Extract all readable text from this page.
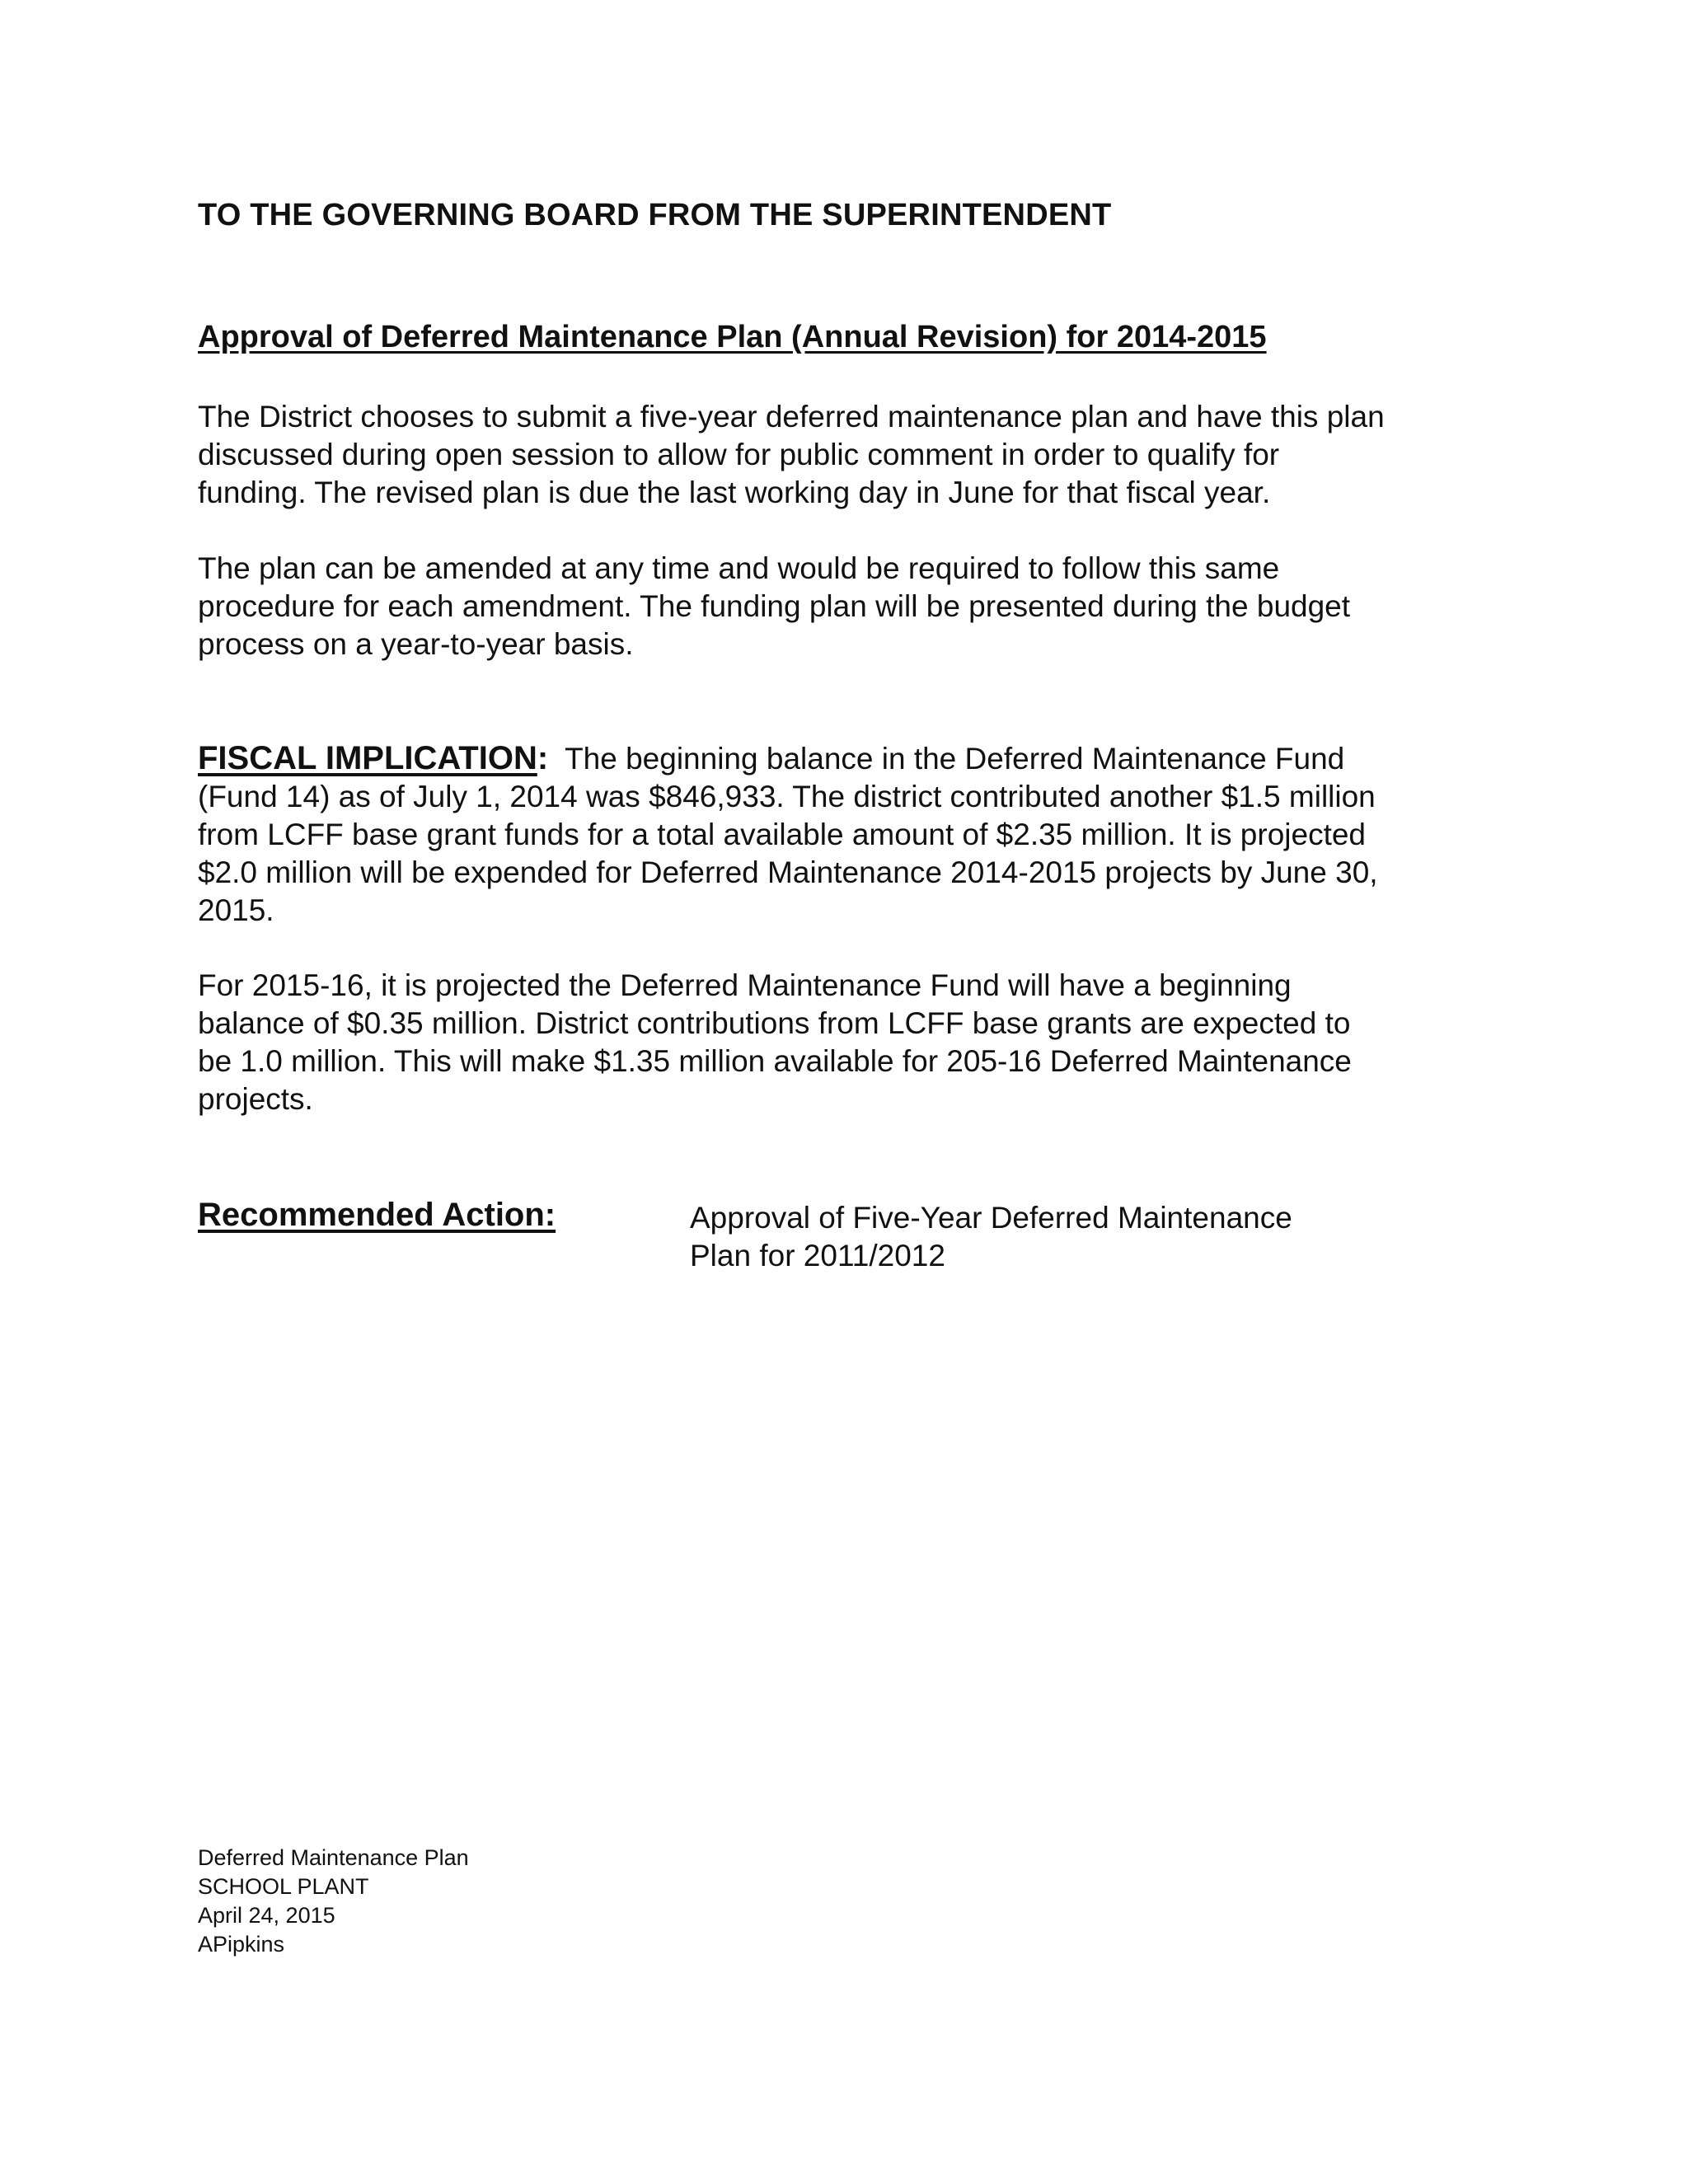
TO THE GOVERNING BOARD FROM THE SUPERINTENDENT
Approval of Deferred Maintenance Plan (Annual Revision) for 2014-2015
The District chooses to submit a five-year deferred maintenance plan and have this plan
discussed during open session to allow for public comment in order to qualify for
funding. The revised plan is due the last working day in June for that fiscal year.
The plan can be amended at any time and would be required to follow this same
procedure for each amendment. The funding plan will be presented during the budget
process on a year-to-year basis.
FISCAL IMPLICATION:  The beginning balance in the Deferred Maintenance Fund
(Fund 14) as of July 1, 2014 was $846,933. The district contributed another $1.5 million
from LCFF base grant funds for a total available amount of $2.35 million. It is projected
$2.0 million will be expended for Deferred Maintenance 2014-2015 projects by June 30,
2015.
For 2015-16, it is projected the Deferred Maintenance Fund will have a beginning
balance of $0.35 million. District contributions from LCFF base grants are expected to
be 1.0 million. This will make $1.35 million available for 205-16 Deferred Maintenance
projects.
Recommended Action:	Approval of Five-Year Deferred Maintenance
Plan for 2011/2012
Deferred Maintenance Plan
SCHOOL PLANT
April 24, 2015
APipkins
